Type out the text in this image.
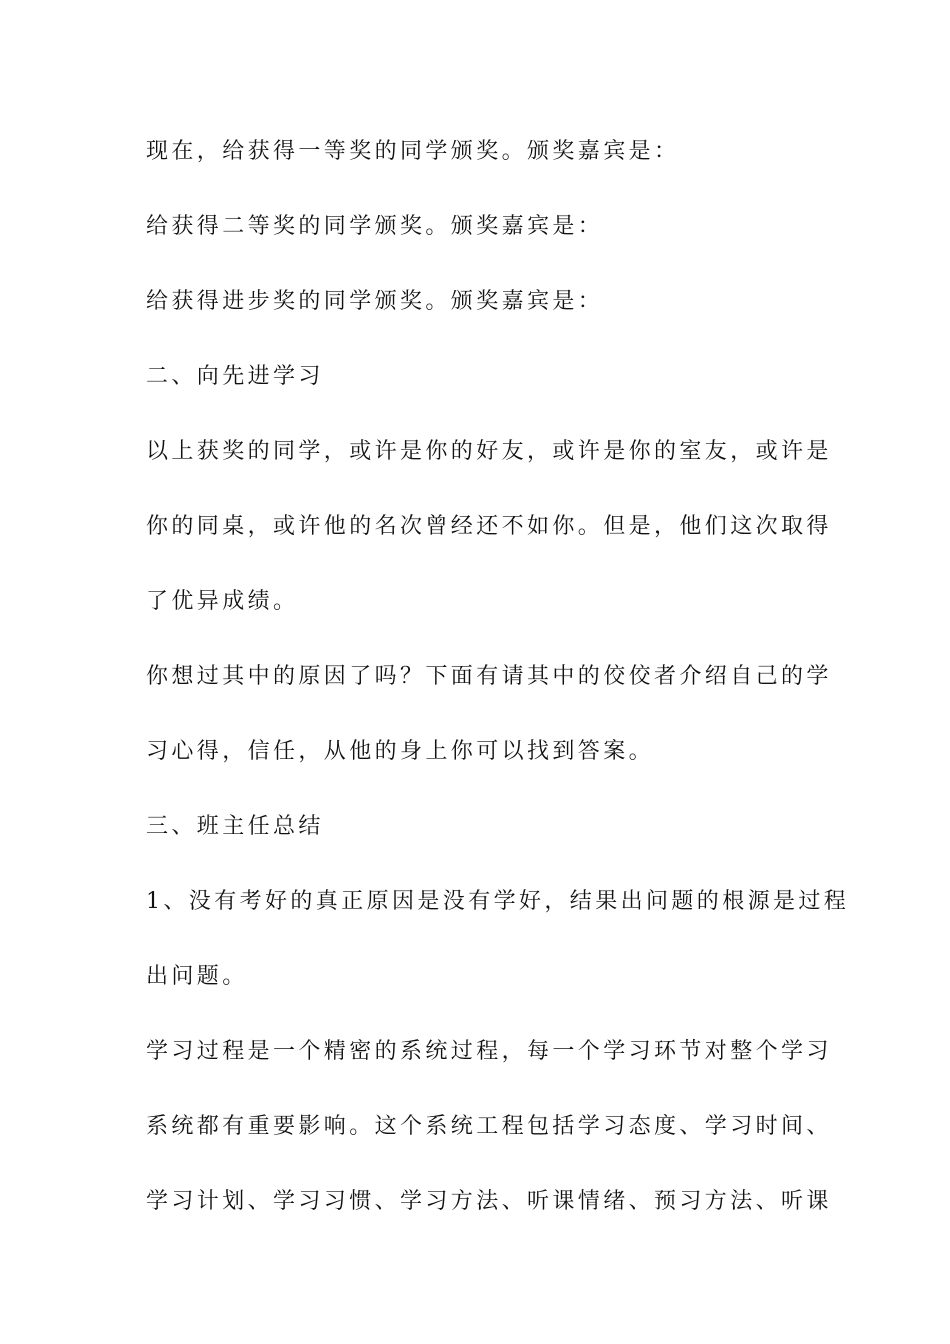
现在，给获得一等奖的同学颁奖。颁奖嘉宾是：
给获得二等奖的同学颁奖。颁奖嘉宾是：
给获得进步奖的同学颁奖。颁奖嘉宾是：
二、向先进学习
以上获奖的同学，或许是你的好友，或许是你的室友，或许是
你的同桌，或许他的名次曾经还不如你。但是，他们这次取得
了优异成绩。
你想过其中的原因了吗？下面有请其中的佼佼者介绍自己的学
习心得，信任，从他的身上你可以找到答案。
三、班主任总结
1、没有考好的真正原因是没有学好，结果出问题的根源是过程
出问题。
学习过程是一个精密的系统过程，每一个学习环节对整个学习
系统都有重要影响。这个系统工程包括学习态度、学习时间、
学习计划、学习习惯、学习方法、听课情绪、预习方法、听课
